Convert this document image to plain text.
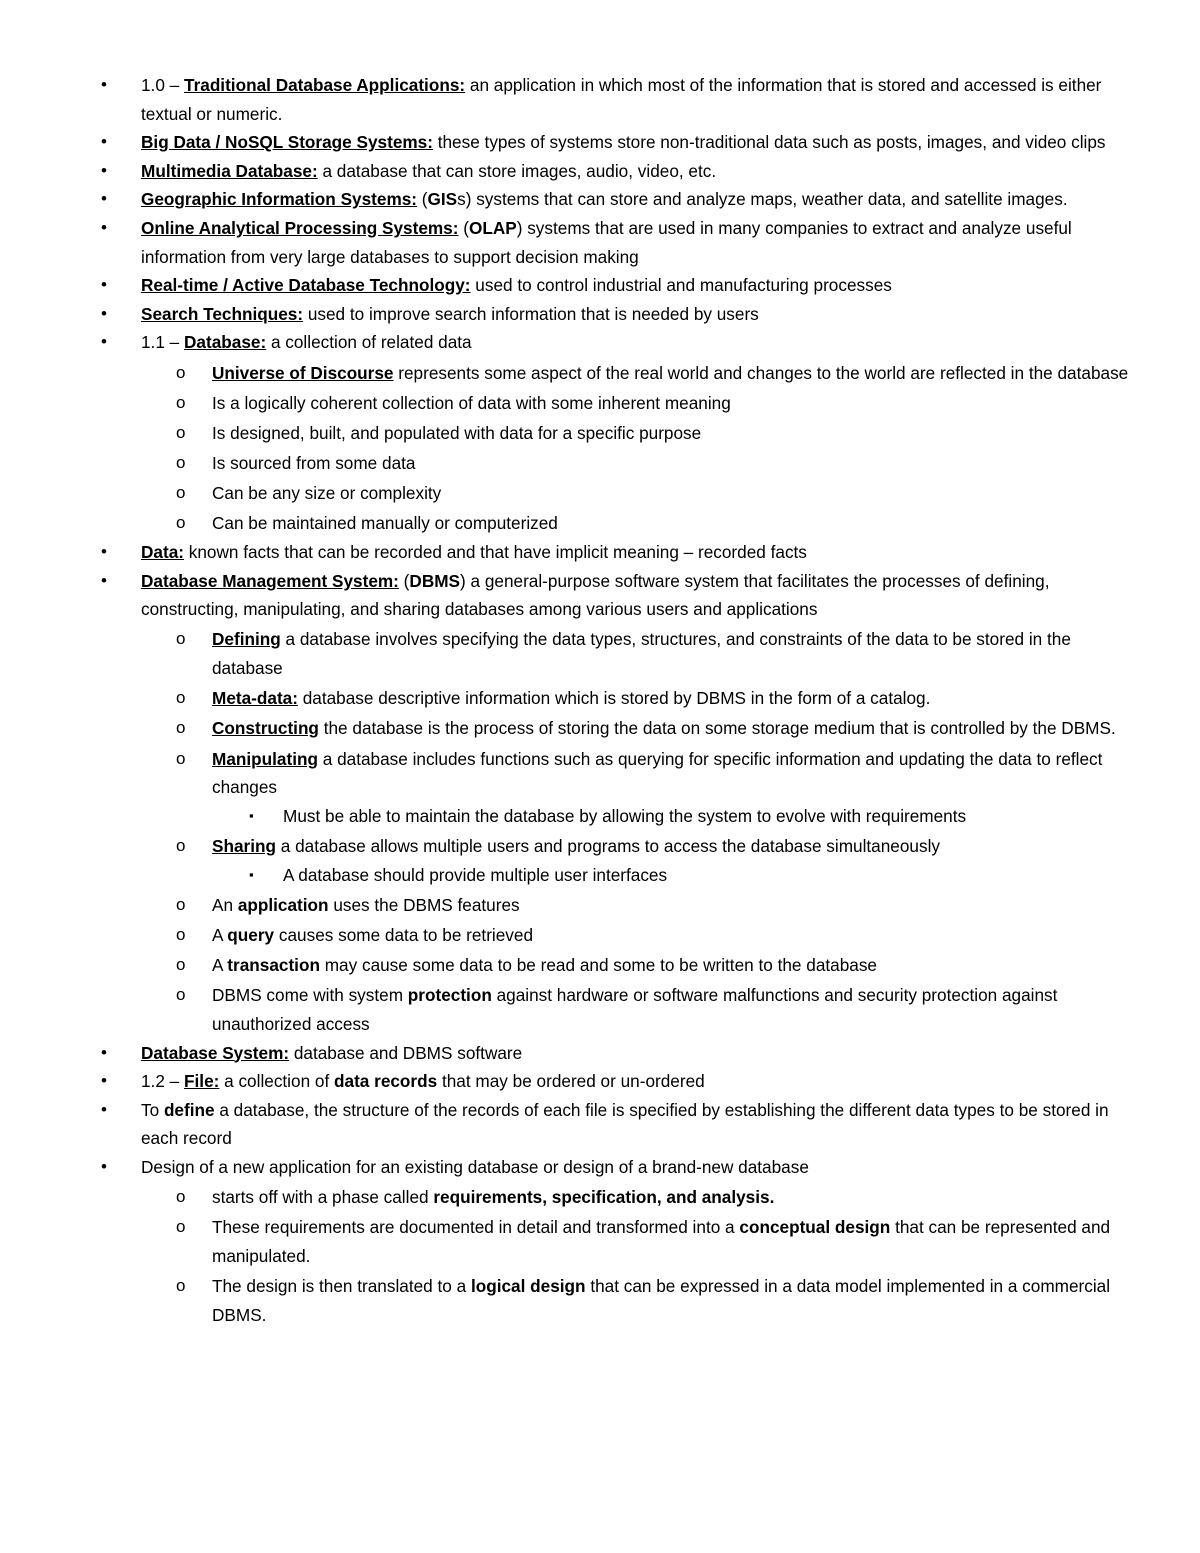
• 1.0 – Traditional Database Applications: an application in which most of the information that is stored and accessed is either textual or numeric.
• Big Data / NoSQL Storage Systems: these types of systems store non-traditional data such as posts, images, and video clips
• Multimedia Database: a database that can store images, audio, video, etc.
• Geographic Information Systems: (GISs) systems that can store and analyze maps, weather data, and satellite images.
• Online Analytical Processing Systems: (OLAP) systems that are used in many companies to extract and analyze useful information from very large databases to support decision making
• Real-time / Active Database Technology: used to control industrial and manufacturing processes
• Search Techniques: used to improve search information that is needed by users
• 1.1 – Database: a collection of related data
o Universe of Discourse represents some aspect of the real world and changes to the world are reflected in the database
o Is a logically coherent collection of data with some inherent meaning
o Is designed, built, and populated with data for a specific purpose
o Is sourced from some data
o Can be any size or complexity
o Can be maintained manually or computerized
• Data: known facts that can be recorded and that have implicit meaning – recorded facts
• Database Management System: (DBMS) a general-purpose software system that facilitates the processes of defining, constructing, manipulating, and sharing databases among various users and applications
o Defining a database involves specifying the data types, structures, and constraints of the data to be stored in the database
o Meta-data: database descriptive information which is stored by DBMS in the form of a catalog.
o Constructing the database is the process of storing the data on some storage medium that is controlled by the DBMS.
o Manipulating a database includes functions such as querying for specific information and updating the data to reflect changes
▪ Must be able to maintain the database by allowing the system to evolve with requirements
o Sharing a database allows multiple users and programs to access the database simultaneously
▪ A database should provide multiple user interfaces
o An application uses the DBMS features
o A query causes some data to be retrieved
o A transaction may cause some data to be read and some to be written to the database
o DBMS come with system protection against hardware or software malfunctions and security protection against unauthorized access
• Database System: database and DBMS software
• 1.2 – File: a collection of data records that may be ordered or un-ordered
• To define a database, the structure of the records of each file is specified by establishing the different data types to be stored in each record
• Design of a new application for an existing database or design of a brand-new database
o starts off with a phase called requirements, specification, and analysis.
o These requirements are documented in detail and transformed into a conceptual design that can be represented and manipulated.
o The design is then translated to a logical design that can be expressed in a data model implemented in a commercial DBMS.
